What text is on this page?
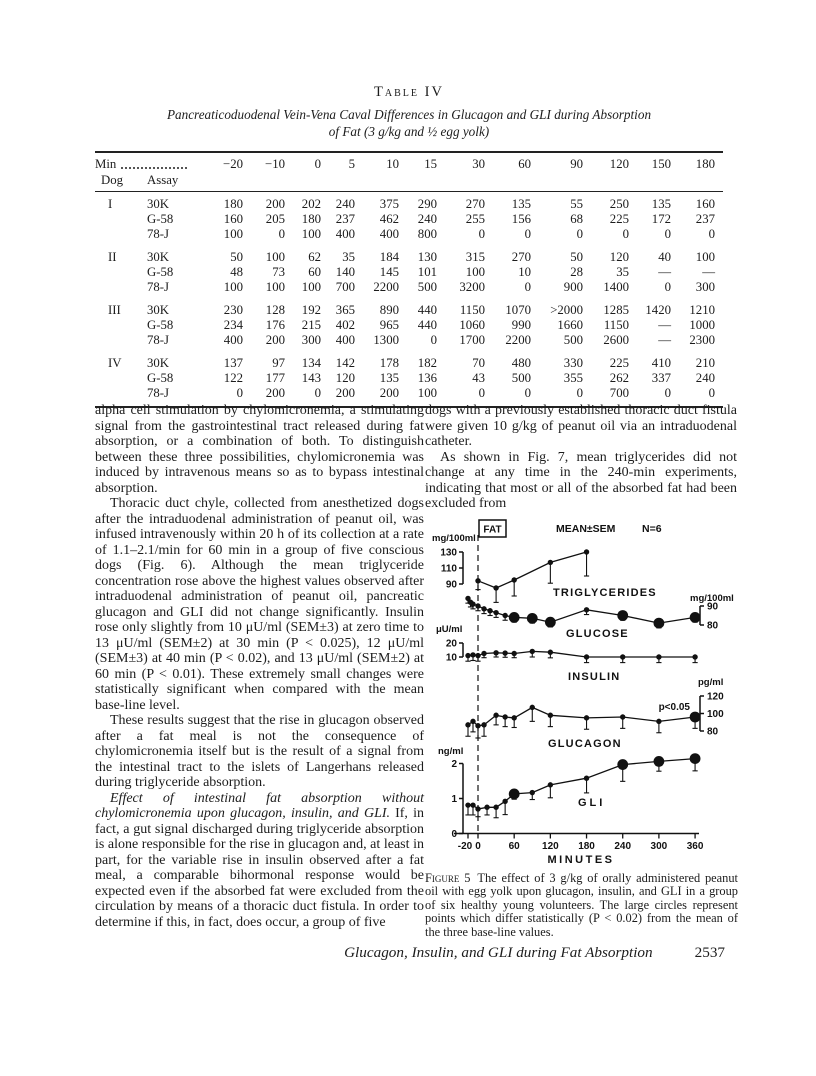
Table IV
Pancreaticoduodenal Vein-Vena Caval Differences in Glucagon and GLI during Absorption
of Fat (3 g/kg and ½ egg yolk)
Min		−20	−10	0	5	10	15	30	60	90	120	150	180
Dog	Assay												
I	30K	180	200	202	240	375	290	270	135	55	250	135	160
	G-58	160	205	180	237	462	240	255	156	68	225	172	237
	78-J	100	0	100	400	400	800	0	0	0	0	0	0
II	30K	50	100	62	35	184	130	315	270	50	120	40	100
	G-58	48	73	60	140	145	101	100	10	28	35	—	—
	78-J	100	100	100	700	2200	500	3200	0	900	1400	0	300
III	30K	230	128	192	365	890	440	1150	1070	>2000	1285	1420	1210
	G-58	234	176	215	402	965	440	1060	990	1660	1150	—	1000
	78-J	400	200	300	400	1300	0	1700	2200	500	2600	—	2300
IV	30K	137	97	134	142	178	182	70	480	330	225	410	210
	G-58	122	177	143	120	135	136	43	500	355	262	337	240
	78-J	0	200	0	200	200	100	0	0	0	700	0	0

alpha cell stimulation by chylomicronemia, a stimulating signal from the gastrointestinal tract released during fat absorption, or a combination of both. To distinguish between these three possibilities, chylomicronemia was induced by intravenous means so as to bypass intestinal absorption.

Thoracic duct chyle, collected from anesthetized dogs after the intraduodenal administration of peanut oil, was infused intravenously within 20 h of its collection at a rate of 1.1–2.1/min for 60 min in a group of five conscious dogs (Fig. 6). Although the mean triglyceride concentration rose above the highest values observed after intraduodenal administration of peanut oil, pancreatic glucagon and GLI did not change significantly. Insulin rose only slightly from 10 μU/ml (SEM±3) at zero time to 13 μU/ml (SEM±2) at 30 min (P < 0.025), 12 μU/ml (SEM±3) at 40 min (P < 0.02), and 13 μU/ml (SEM±2) at 60 min (P < 0.01). These extremely small changes were statistically significant when compared with the mean base-line level.

These results suggest that the rise in glucagon observed after a fat meal is not the consequence of chylomicronemia itself but is the result of a signal from the intestinal tract to the islets of Langerhans released during triglyceride absorption.

Effect of intestinal fat absorption without chylomicronemia upon glucagon, insulin, and GLI. If, in fact, a gut signal discharged during triglyceride absorption is alone responsible for the rise in glucagon and, at least in part, for the variable rise in insulin observed after a fat meal, a comparable bihormonal response would be expected even if the absorbed fat were excluded from the circulation by means of a thoracic duct fistula. In order to determine if this, in fact, does occur, a group of five

dogs with a previously established thoracic duct fistula were given 10 g/kg of peanut oil via an intraduodenal catheter.

As shown in Fig. 7, mean triglycerides did not change at any time in the 240-min experiments, indicating that most or all of the absorbed fat had been excluded from

-20 0	60 120 180 240 300 360
MINUTES
130
110
90
mg/100ml
TRIGLYCERIDES
90
80
mg/100ml
GLUCOSE
20
10
μU/ml
INSULIN
120
100
80
pg/ml
GLUCAGON
2
1
0
ng/ml
GLI
FAT	MEAN±SEM	N=6
p<0.05
Figure 5 The effect of 3 g/kg of orally administered peanut oil with egg yolk upon glucagon, insulin, and GLI in a group of six healthy young volunteers. The large circles represent points which differ statistically (P < 0.02) from the mean of the three base-line values.
Glucagon, Insulin, and GLI during Fat Absorption	2537
